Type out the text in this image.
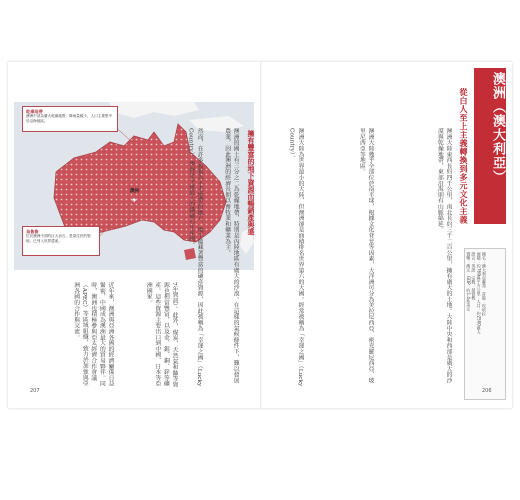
乾燥地帶
澳洲中部為廣大乾燥地帶，降雨量稀少，人口主要集中於沿海地區。
烏魯魯
位於澳洲中部的巨大岩石，是原住民的聖地，已列入世界遺產。
澳洲	擁有豐富的地下資源而暢銷產與盛
澳洲的國土有三分之二為乾燥地帶，特別是內陸地區有廣大的沙漠。在這樣的氣候條件下，難以發展農業，因此澳洲的經濟長期以畜牧業和礦業為主。
然而，在許多被視為不毛地帶的地方，地下蘊藏著豐富的礦產資源，因此被稱為「幸運之國」（Lucky Country）。澳洲是全球最大的鐵礦石生產國。
7年資訊）。此外，煤炭、天然氣和鈾等資源也相當豐富，以及金、銀、銅、鋅等礦產。這些資源主要出口到中國、日本等亞洲國家。
近年來，澳洲與亞洲各國的經濟關係日益緊密，中國成為澳洲最大的貿易夥伴。同時，澳洲也積極參與亞太經濟合作會議（APEC）等區域組織，致力於加強與亞洲各國的合作與交流。
207
澳洲（澳大利亞）
從白人至上主義轉換到多元文化主義
國名：澳大利亞聯邦　首都：坎培拉
面積：約769萬平方公里　人口：約2500萬人
語言：英語　宗教：基督教
貨幣：澳元　GDP：約1.4兆美元
澳洲大陸東西長約四千公里，南北長約三千二百公里，擁有廣大的土地。大陸中央和西部是廣大的沙漠與乾燥地帶，東部沿海則有山脈綿延。
澳洲大陸幾乎全部位於南半球，根據文化背景等因素，大洋洲可分為美拉尼西亞、密克羅尼西亞、玻里尼西亞等地區。
澳洲大陸為世界最小的大陸，但澳洲卻是面積排名世界第六的大國。經常被稱為「幸運之國」（Lucky Country）。
206
